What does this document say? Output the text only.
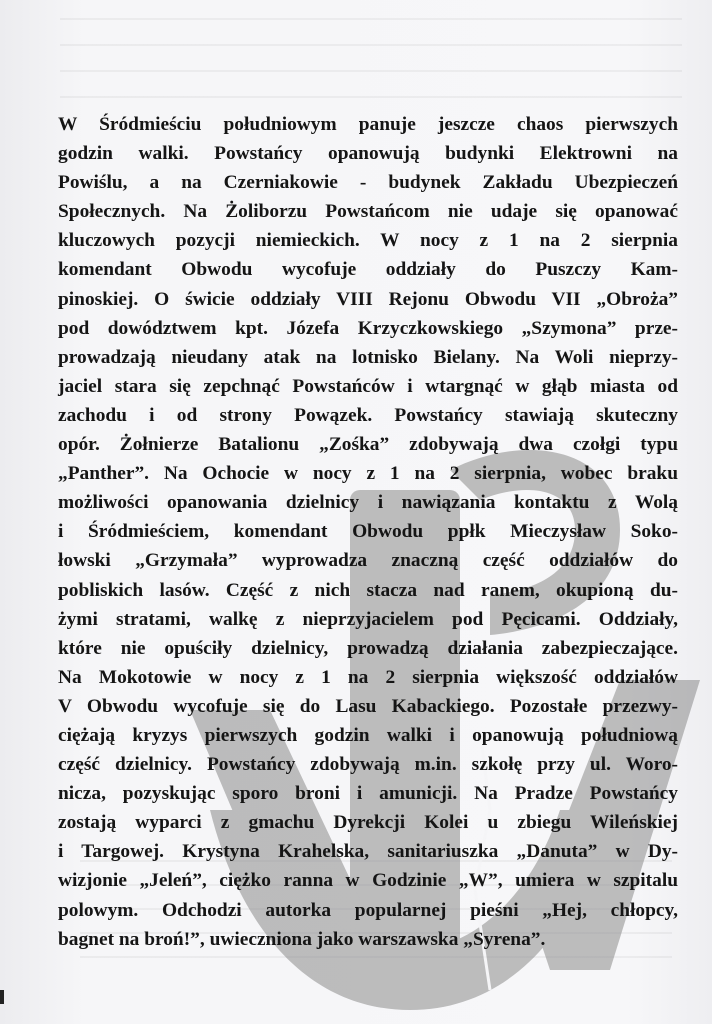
W Śródmieściu południowym panuje jeszcze chaos pierwszych
godzin walki. Powstańcy opanowują budynki Elektrowni na
Powiślu, a na Czerniakowie - budynek Zakładu Ubezpieczeń
Społecznych. Na Żoliborzu Powstańcom nie udaje się opanować
kluczowych pozycji niemieckich. W nocy z 1 na 2 sierpnia
komendant Obwodu wycofuje oddziały do Puszczy Kam-
pinoskiej. O świcie oddziały VIII Rejonu Obwodu VII „Obroża”
pod dowództwem kpt. Józefa Krzyczkowskiego „Szymona” prze-
prowadzają nieudany atak na lotnisko Bielany. Na Woli nieprzy-
jaciel stara się zepchnąć Powstańców i wtargnąć w głąb miasta od
zachodu i od strony Powązek. Powstańcy stawiają skuteczny
opór. Żołnierze Batalionu „Zośka” zdobywają dwa czołgi typu
„Panther”. Na Ochocie w nocy z 1 na 2 sierpnia, wobec braku
możliwości opanowania dzielnicy i nawiązania kontaktu z Wolą
i Śródmieściem, komendant Obwodu ppłk Mieczysław Soko-
łowski „Grzymała” wyprowadza znaczną część oddziałów do
pobliskich lasów. Część z nich stacza nad ranem, okupioną du-
żymi stratami, walkę z nieprzyjacielem pod Pęcicami. Oddziały,
które nie opuściły dzielnicy, prowadzą działania zabezpieczające.
Na Mokotowie w nocy z 1 na 2 sierpnia większość oddziałów
V Obwodu wycofuje się do Lasu Kabackiego. Pozostałe przezwy-
ciężają kryzys pierwszych godzin walki i opanowują południową
część dzielnicy. Powstańcy zdobywają m.in. szkołę przy ul. Woro-
nicza, pozyskując sporo broni i amunicji. Na Pradze Powstańcy
zostają wyparci z gmachu Dyrekcji Kolei u zbiegu Wileńskiej
i Targowej. Krystyna Krahelska, sanitariuszka „Danuta” w Dy-
wizjonie „Jeleń”, ciężko ranna w Godzinie „W”, umiera w szpitalu
polowym. Odchodzi autorka popularnej pieśni „Hej, chłopcy,
bagnet na broń!”, uwieczniona jako warszawska „Syrena”.
